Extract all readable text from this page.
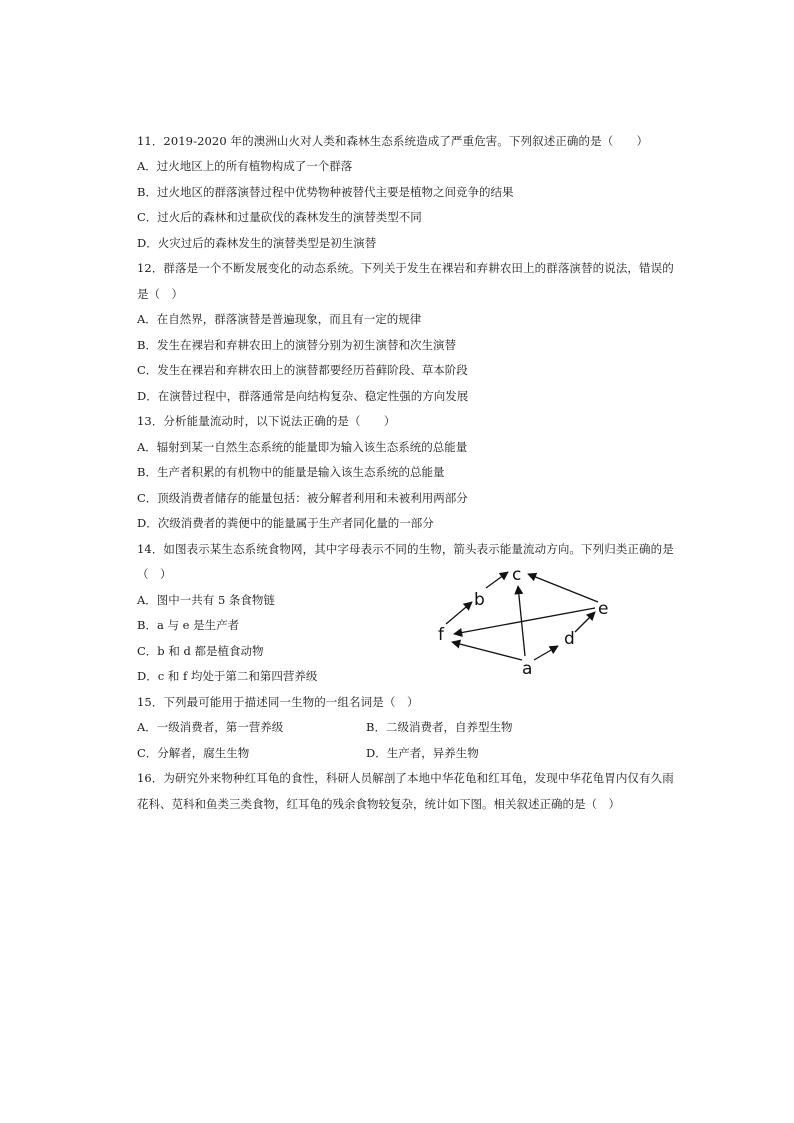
11．2019-2020 年的澳洲山火对人类和森林生态系统造成了严重危害。下列叙述正确的是（　　）
A．过火地区上的所有植物构成了一个群落
B．过火地区的群落演替过程中优势物种被替代主要是植物之间竞争的结果
C．过火后的森林和过量砍伐的森林发生的演替类型不同
D．火灾过后的森林发生的演替类型是初生演替
12．群落是一个不断发展变化的动态系统。下列关于发生在裸岩和弃耕农田上的群落演替的说法，错误的
是（　）
A．在自然界，群落演替是普遍现象，而且有一定的规律
B．发生在裸岩和弃耕农田上的演替分别为初生演替和次生演替
C．发生在裸岩和弃耕农田上的演替都要经历苔藓阶段、草本阶段
D．在演替过程中，群落通常是向结构复杂、稳定性强的方向发展
13．分析能量流动时，以下说法正确的是（　　）
A．辐射到某一自然生态系统的能量即为输入该生态系统的总能量
B．生产者积累的有机物中的能量是输入该生态系统的总能量
C．顶级消费者储存的能量包括：被分解者利用和未被利用两部分
D．次级消费者的粪便中的能量属于生产者同化量的一部分
14．如图表示某生态系统食物网，其中字母表示不同的生物，箭头表示能量流动方向。下列归类正确的是
（　）
A．图中一共有 5 条食物链
B．a 与 e 是生产者
C．b 和 d 都是植食动物
D．c 和 f 均处于第二和第四营养级
c
b	e
f	d
a
15．下列最可能用于描述同一生物的一组名词是（　）
A．一级消费者，第一营养级	B．二级消费者，自养型生物
C．分解者，腐生生物	D．生产者，异养生物
16．为研究外来物种红耳龟的食性，科研人员解剖了本地中华花龟和红耳龟，发现中华花龟胃内仅有久雨
花科、苋科和鱼类三类食物，红耳龟的残余食物较复杂，统计如下图。相关叙述正确的是（　）
